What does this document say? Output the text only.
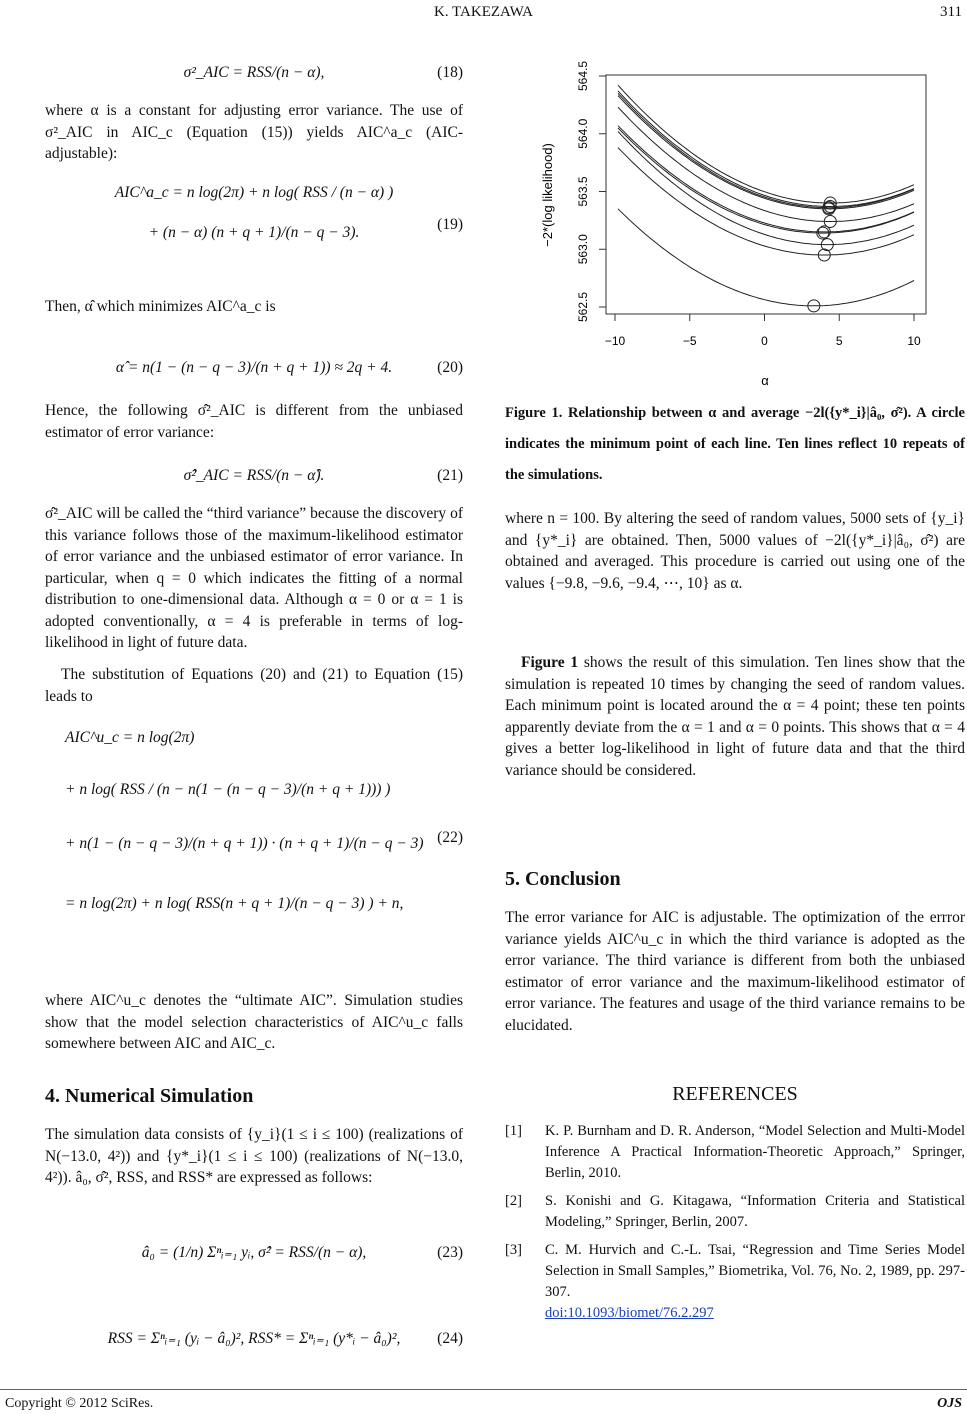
K. TAKEZAWA	311
σ²_AIC = RSS/(n − α),	(18)
where α is a constant for adjusting error variance. The use of σ²_AIC in AIC_c (Equation (15)) yields AIC^a_c (AIC-adjustable):
AIC^a_c = n log(2π) + n log( RSS / (n − α) )
+ (n − α) (n + q + 1)/(n − q − 3).	(19)
Then, α̂ which minimizes AIC^a_c is
α̂ = n(1 − (n − q − 3)/(n + q + 1)) ≈ 2q + 4.	(20)
Hence, the following σ̂²_AIC is different from the unbiased estimator of error variance:
σ̂²_AIC = RSS/(n − α̂).	(21)
σ̂²_AIC will be called the “third variance” because the discovery of this variance follows those of the maximum-likelihood estimator of error variance and the unbiased estimator of error variance. In particular, when q = 0 which indicates the fitting of a normal distribution to one-dimensional data. Although α = 0 or α = 1 is adopted conventionally, α = 4 is preferable in terms of log-likelihood in light of future data.
The substitution of Equations (20) and (21) to Equation (15) leads to
AIC^u_c = n log(2π)
+ n log( RSS / (n − n(1 − (n − q − 3)/(n + q + 1))) )
+ n(1 − (n − q − 3)/(n + q + 1)) · (n + q + 1)/(n − q − 3)
= n log(2π) + n log( RSS(n + q + 1)/(n − q − 3) ) + n,
(22)
where AIC^u_c denotes the “ultimate AIC”. Simulation studies show that the model selection characteristics of AIC^u_c falls somewhere between AIC and AIC_c.
4. Numerical Simulation
The simulation data consists of {y_i}(1 ≤ i ≤ 100) (realizations of N(−13.0, 4²)) and {y*_i}(1 ≤ i ≤ 100) (realizations of N(−13.0, 4²)). â₀, σ̂², RSS, and RSS* are expressed as follows:
â₀ = (1/n) Σⁿᵢ₌₁ yᵢ, σ̂² = RSS/(n − α),	(23)
RSS = Σⁿᵢ₌₁ (yᵢ − â₀)², RSS* = Σⁿᵢ₌₁ (y*ᵢ − â₀)², (24)
−10	−5	0	5	10
562.5
563.0
563.5
564.0
564.5
α
−2*(log likelihood)
Figure 1. Relationship between α and average −2l({y*_i}|â₀, σ̂²). A circle indicates the minimum point of each line. Ten lines reflect 10 repeats of the simulations.
where n = 100. By altering the seed of random values, 5000 sets of {y_i} and {y*_i} are obtained. Then, 5000 values of −2l({y*_i}|â₀, σ̂²) are obtained and averaged. This procedure is carried out using one of the values {−9.8, −9.6, −9.4, ⋯, 10} as α.
Figure 1 shows the result of this simulation. Ten lines show that the simulation is repeated 10 times by changing the seed of random values. Each minimum point is located around the α = 4 point; these ten points apparently deviate from the α = 1 and α = 0 points. This shows that α = 4 gives a better log-likelihood in light of future data and that the third variance should be considered.
5. Conclusion
The error variance for AIC is adjustable. The optimization of the errror variance yields AIC^u_c in which the third variance is adopted as the error variance. The third variance is different from both the unbiased estimator of error variance and the maximum-likelihood estimator of error variance. The features and usage of the third variance remains to be elucidated.
REFERENCES
[1]	K. P. Burnham and D. R. Anderson, “Model Selection and Multi-Model Inference A Practical Information-Theoretic Approach,” Springer, Berlin, 2010.
[2]	S. Konishi and G. Kitagawa, “Information Criteria and Statistical Modeling,” Springer, Berlin, 2007.
[3]	C. M. Hurvich and C.-L. Tsai, “Regression and Time Series Model Selection in Small Samples,” Biometrika, Vol. 76, No. 2, 1989, pp. 297-307.
doi:10.1093/biomet/76.2.297
Copyright © 2012 SciRes.	OJS
